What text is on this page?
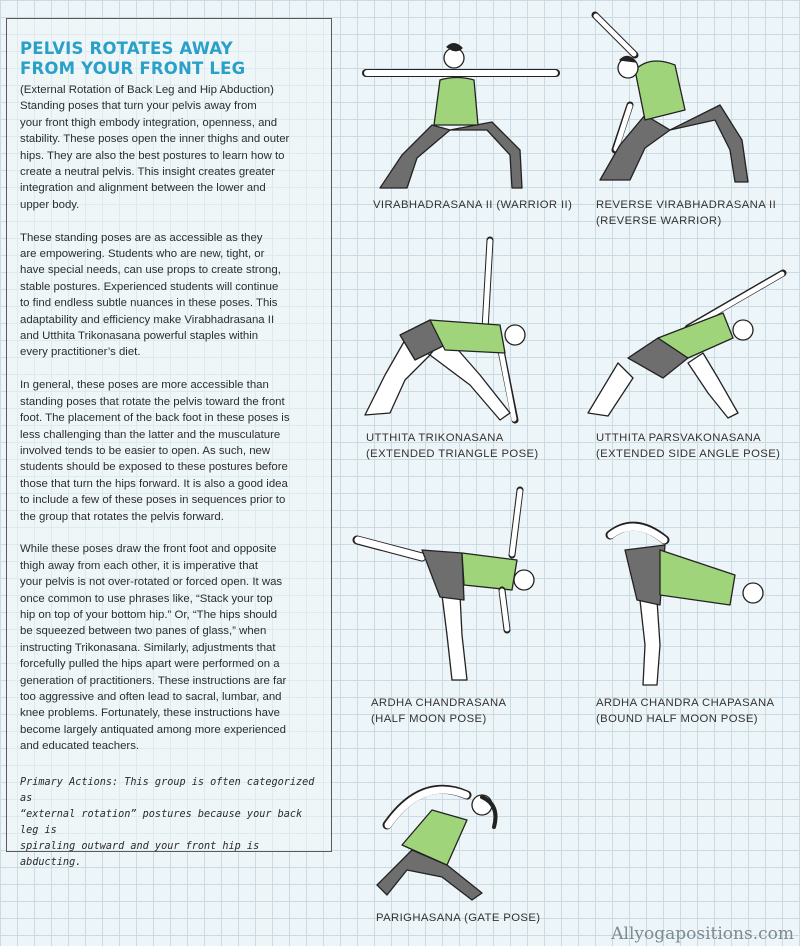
PELVIS ROTATES AWAY
FROM YOUR FRONT LEG
(External Rotation of Back Leg and Hip Abduction)

Standing poses that turn your pelvis away from
your front thigh embody integration, openness, and
stability. These poses open the inner thighs and outer
hips. They are also the best postures to learn how to
create a neutral pelvis. This insight creates greater
integration and alignment between the lower and
upper body.

These standing poses are as accessible as they
are empowering. Students who are new, tight, or
have special needs, can use props to create strong,
stable postures. Experienced students will continue
to find endless subtle nuances in these poses. This
adaptability and efficiency make Virabhadrasana II
and Utthita Trikonasana powerful staples within
every practitioner’s diet.

In general, these poses are more accessible than
standing poses that rotate the pelvis toward the front
foot. The placement of the back foot in these poses is
less challenging than the latter and the musculature
involved tends to be easier to open. As such, new
students should be exposed to these postures before
those that turn the hips forward. It is also a good idea
to include a few of these poses in sequences prior to
the group that rotates the pelvis forward.

While these poses draw the front foot and opposite
thigh away from each other, it is imperative that
your pelvis is not over-rotated or forced open. It was
once common to use phrases like, “Stack your top
hip on top of your bottom hip.” Or, “The hips should
be squeezed between two panes of glass,” when
instructing Trikonasana. Similarly, adjustments that
forcefully pulled the hips apart were performed on a
generation of practitioners. These instructions are far
too aggressive and often lead to sacral, lumbar, and
knee problems. Fortunately, these instructions have
become largely antiquated among more experienced
and educated teachers.

Primary Actions: This group is often categorized as
“external rotation” postures because your back leg is
spiraling outward and your front hip is abducting.
VIRABHADRASANA II (WARRIOR II) REVERSE VIRABHADRASANA II
(REVERSE WARRIOR)
UTTHITA TRIKONASANA
(EXTENDED TRIANGLE POSE)
UTTHITA PARSVAKONASANA
(EXTENDED SIDE ANGLE POSE)
ARDHA CHANDRASANA
(HALF MOON POSE)
ARDHA CHANDRA CHAPASANA
(BOUND HALF MOON POSE)
PARIGHASANA (GATE POSE)
Allyogapositions.com
